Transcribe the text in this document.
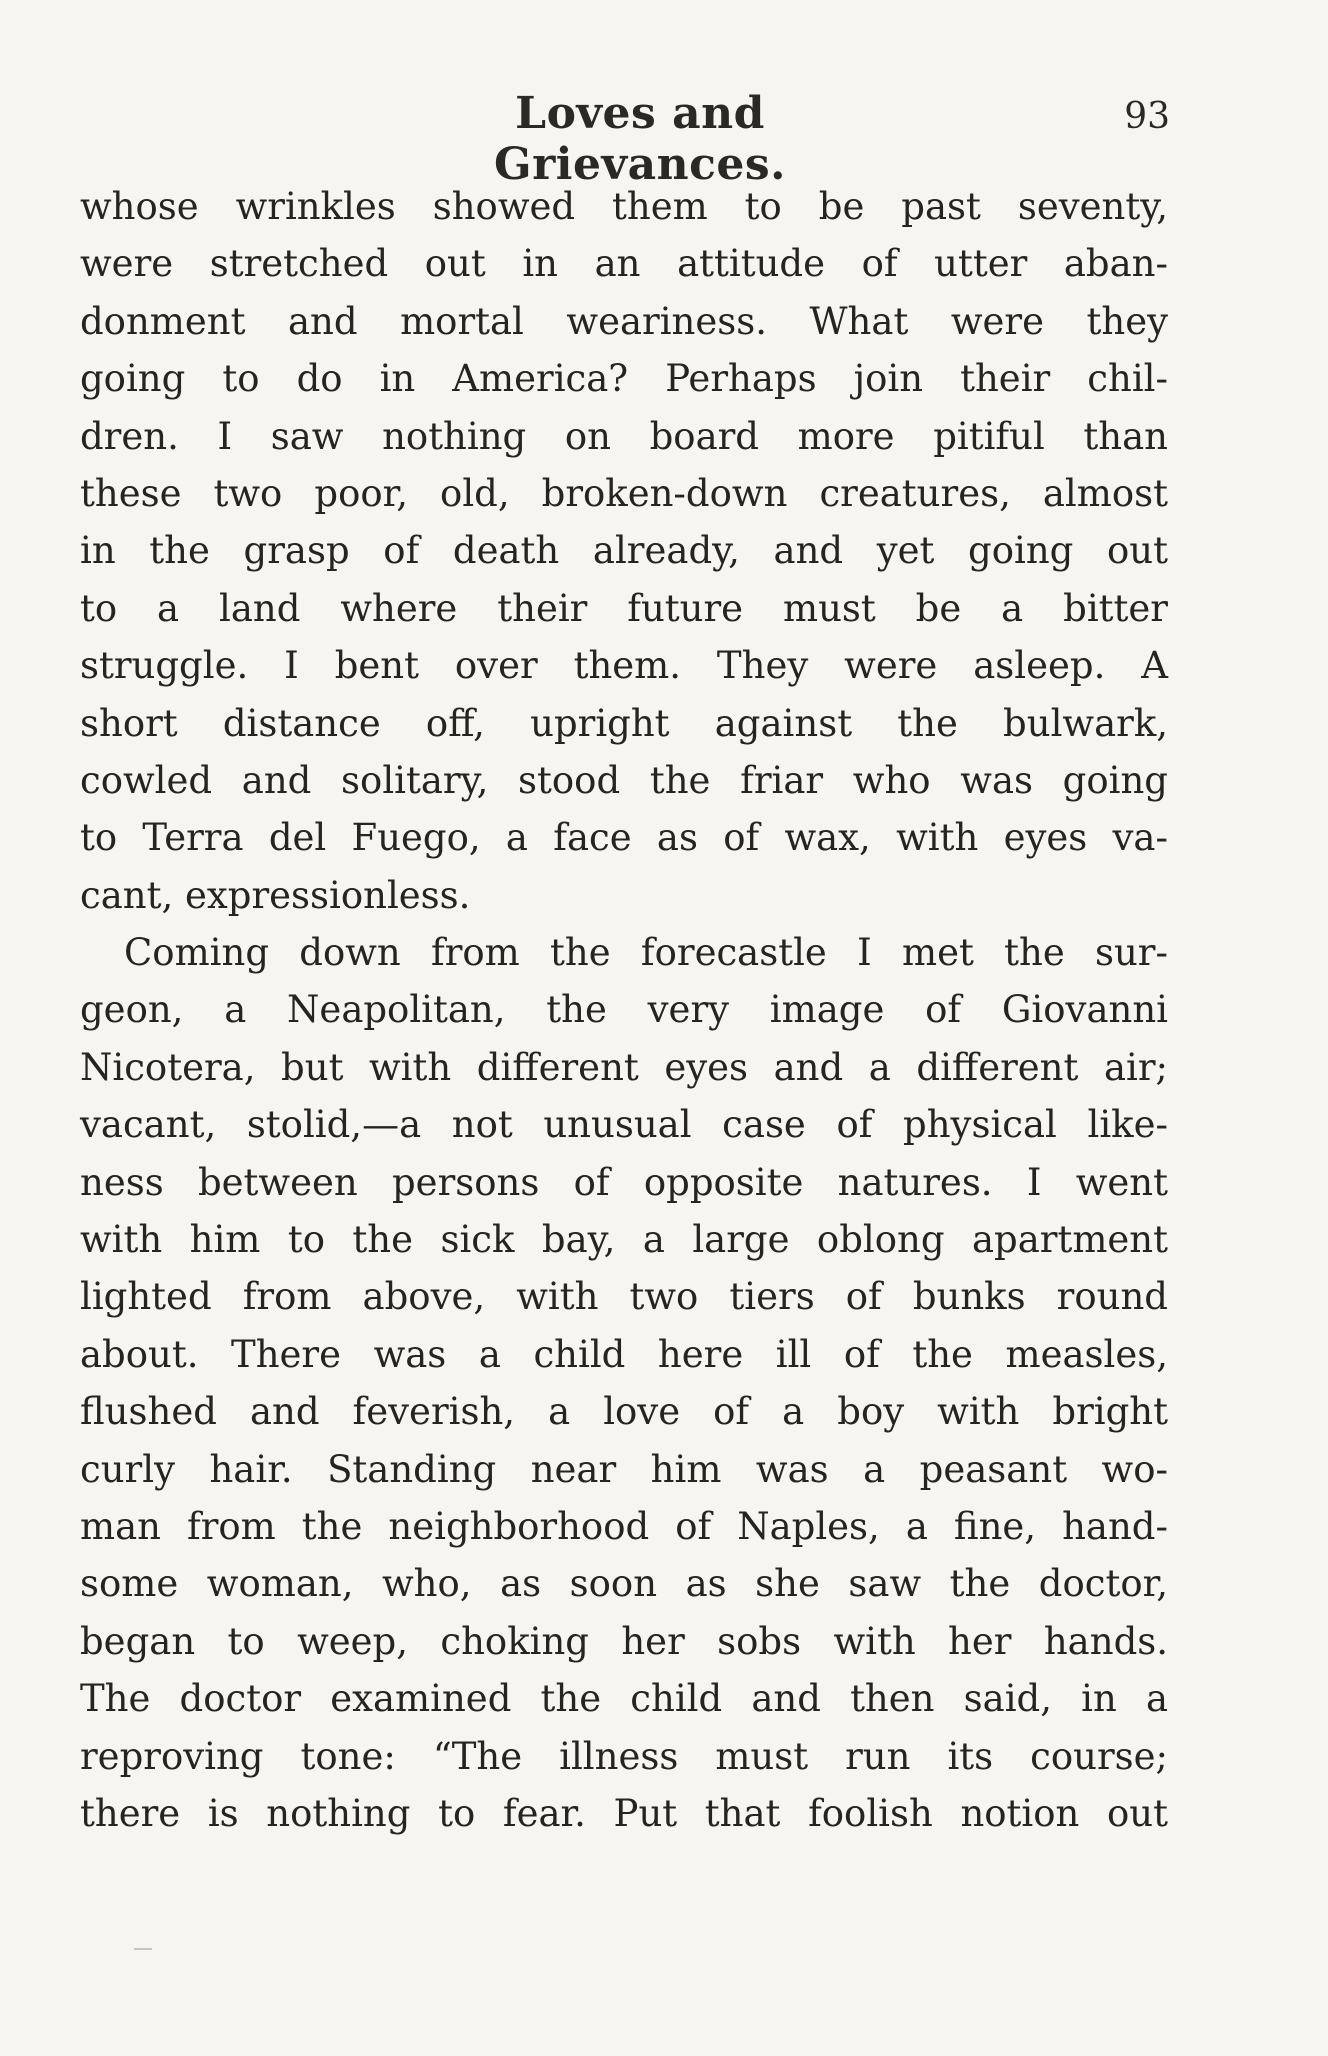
Loves and Grievances.
93
whose wrinkles showed them to be past seventy,
were stretched out in an attitude of utter aban-
donment and mortal weariness. What were they
going to do in America? Perhaps join their chil-
dren. I saw nothing on board more pitiful than
these two poor, old, broken-down creatures, almost
in the grasp of death already, and yet going out
to a land where their future must be a bitter
struggle. I bent over them. They were asleep. A
short distance off, upright against the bulwark,
cowled and solitary, stood the friar who was going
to Terra del Fuego, a face as of wax, with eyes va-
cant, expressionless.
Coming down from the forecastle I met the sur-
geon, a Neapolitan, the very image of Giovanni
Nicotera, but with different eyes and a different air;
vacant, stolid,—a not unusual case of physical like-
ness between persons of opposite natures. I went
with him to the sick bay, a large oblong apartment
lighted from above, with two tiers of bunks round
about. There was a child here ill of the measles,
flushed and feverish, a love of a boy with bright
curly hair. Standing near him was a peasant wo-
man from the neighborhood of Naples, a fine, hand-
some woman, who, as soon as she saw the doctor,
began to weep, choking her sobs with her hands.
The doctor examined the child and then said, in a
reproving tone: “The illness must run its course;
there is nothing to fear. Put that foolish notion out
